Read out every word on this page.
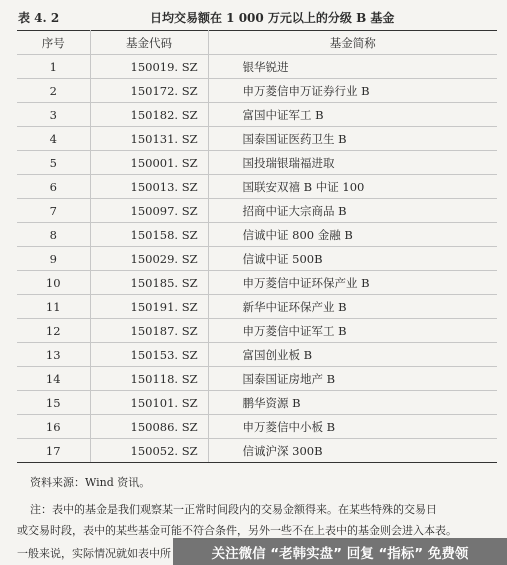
表 4. 2	日均交易额在 1 000 万元以上的分级 B 基金
序号	基金代码	基金简称
1	150019. SZ	银华锐进
2	150172. SZ	申万菱信申万证券行业 B
3	150182. SZ	富国中证军工 B
4	150131. SZ	国泰国证医药卫生 B
5	150001. SZ	国投瑞银瑞福进取
6	150013. SZ	国联安双禧 B 中证 100
7	150097. SZ	招商中证大宗商品 B
8	150158. SZ	信诚中证 800 金融 B
9	150029. SZ	信诚中证 500B
10	150185. SZ	申万菱信中证环保产业 B
11	150191. SZ	新华中证环保产业 B
12	150187. SZ	申万菱信中证军工 B
13	150153. SZ	富国创业板 B
14	150118. SZ	国泰国证房地产 B
15	150101. SZ	鹏华资源 B
16	150086. SZ	申万菱信中小板 B
17	150052. SZ	信诚沪深 300B
资料来源：Wind 资讯。
注：表中的基金是我们观察某一正常时间段内的交易金额得来。在某些特殊的交易日
或交易时段，表中的某些基金可能不符合条件，另外一些不在上表中的基金则会进入本表。
一般来说，实际情况就如表中所	关注微信 “老韩实盘” 回复 “指标” 免费领
